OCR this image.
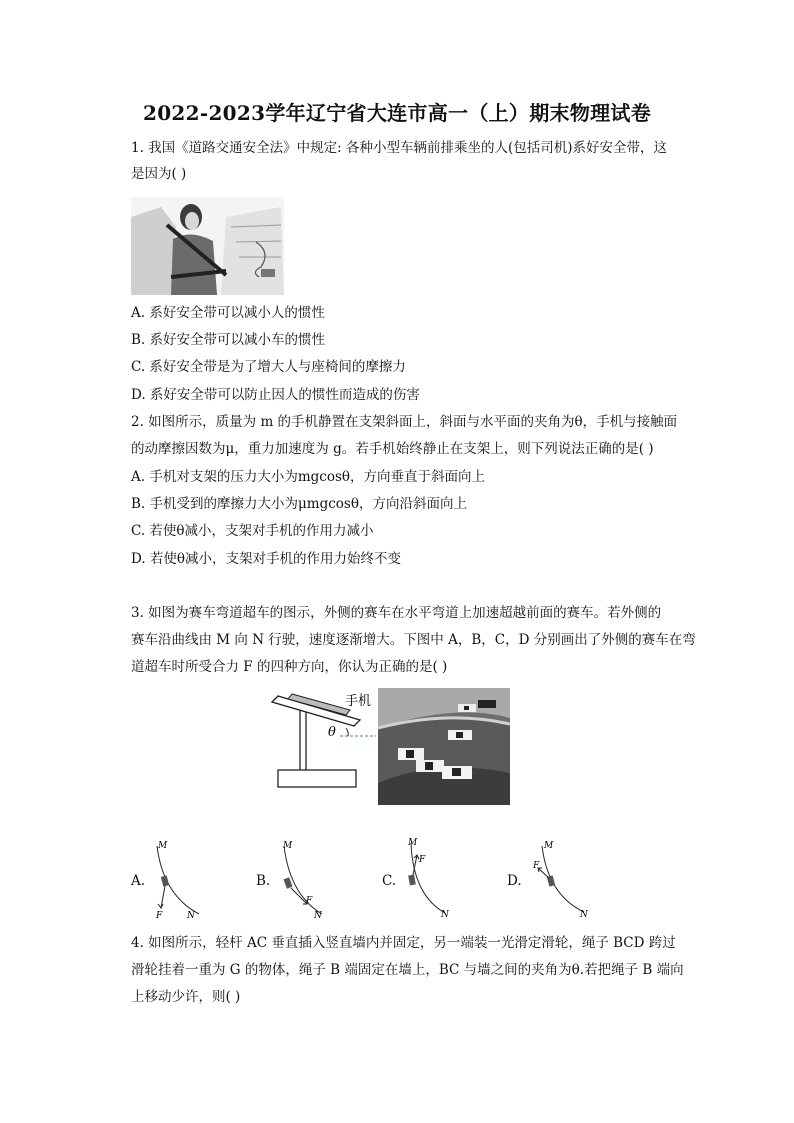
2022-2023学年辽宁省大连市高一（上）期末物理试卷
1. 我国《道路交通安全法》中规定: 各种小型车辆前排乘坐的人(包括司机)系好安全带，这
是因为( )
A. 系好安全带可以减小人的惯性
B. 系好安全带可以减小车的惯性
C. 系好安全带是为了增大人与座椅间的摩擦力
D. 系好安全带可以防止因人的惯性而造成的伤害
2. 如图所示，质量为 m 的手机静置在支架斜面上，斜面与水平面的夹角为θ，手机与接触面
的动摩擦因数为μ，重力加速度为 g。若手机始终静止在支架上，则下列说法正确的是( )
A. 手机对支架的压力大小为mgcosθ，方向垂直于斜面向上
B. 手机受到的摩擦力大小为μmgcosθ，方向沿斜面向上
C. 若使θ减小，支架对手机的作用力减小
D. 若使θ减小，支架对手机的作用力始终不变
3. 如图为赛车弯道超车的图示，外侧的赛车在水平弯道上加速超越前面的赛车。若外侧的
赛车沿曲线由 M 向 N 行驶，速度逐渐增大。下图中 A，B，C，D 分别画出了外侧的赛车在弯
道超车时所受合力 F 的四种方向，你认为正确的是( )
θ
手机
A.
M
N
F
B.
M
N
F
C.
M
N
F
D.
M
N
F
4. 如图所示，轻杆 AC 垂直插入竖直墙内并固定，另一端装一光滑定滑轮，绳子 BCD 跨过
滑轮挂着一重为 G 的物体，绳子 B 端固定在墙上，BC 与墙之间的夹角为θ.若把绳子 B 端向
上移动少许，则( )
